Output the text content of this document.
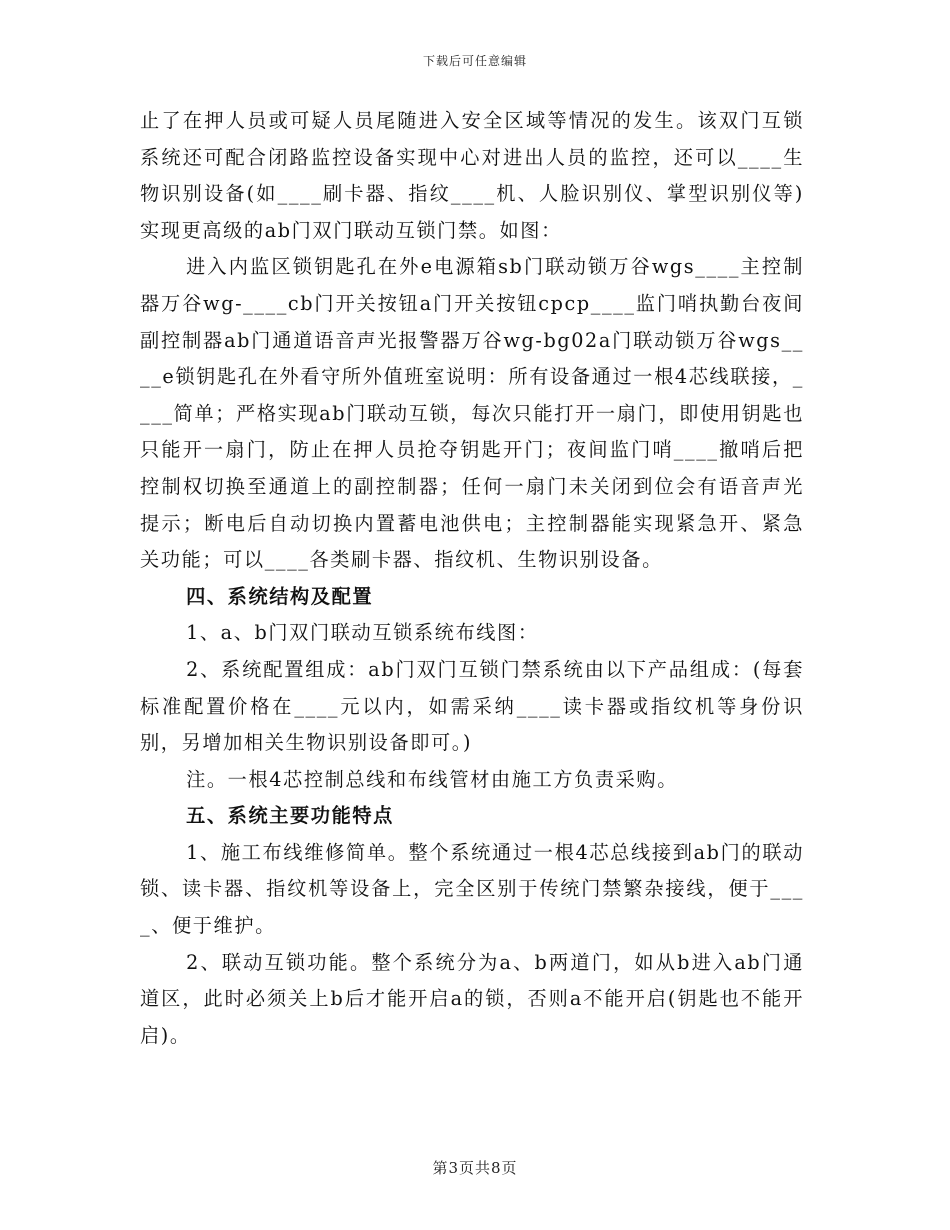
下载后可任意编辑

止了在押人员或可疑人员尾随进入安全区域等情况的发生。该双门互锁系统还可配合闭路监控设备实现中心对进出人员的监控，还可以____生物识别设备(如____刷卡器、指纹____机、人脸识别仪、掌型识别仪等)实现更高级的ab门双门联动互锁门禁。如图：

进入内监区锁钥匙孔在外e电源箱sb门联动锁万谷wgs____主控制器万谷wg-____cb门开关按钮a门开关按钮cpcp____监门哨执勤台夜间副控制器ab门通道语音声光报警器万谷wg-bg02a门联动锁万谷wgs____e锁钥匙孔在外看守所外值班室说明：所有设备通过一根4芯线联接，____简单；严格实现ab门联动互锁，每次只能打开一扇门，即使用钥匙也只能开一扇门，防止在押人员抢夺钥匙开门；夜间监门哨____撤哨后把控制权切换至通道上的副控制器；任何一扇门未关闭到位会有语音声光提示；断电后自动切换内置蓄电池供电；主控制器能实现紧急开、紧急关功能；可以____各类刷卡器、指纹机、生物识别设备。

四、系统结构及配置

1、a、b门双门联动互锁系统布线图：

2、系统配置组成：ab门双门互锁门禁系统由以下产品组成：(每套标准配置价格在____元以内，如需采纳____读卡器或指纹机等身份识别，另增加相关生物识别设备即可。)

注。一根4芯控制总线和布线管材由施工方负责采购。

五、系统主要功能特点

1、施工布线维修简单。整个系统通过一根4芯总线接到ab门的联动锁、读卡器、指纹机等设备上，完全区别于传统门禁繁杂接线，便于____、便于维护。

2、联动互锁功能。整个系统分为a、b两道门，如从b进入ab门通道区，此时必须关上b后才能开启a的锁，否则a不能开启(钥匙也不能开启)。

第3页共8页
